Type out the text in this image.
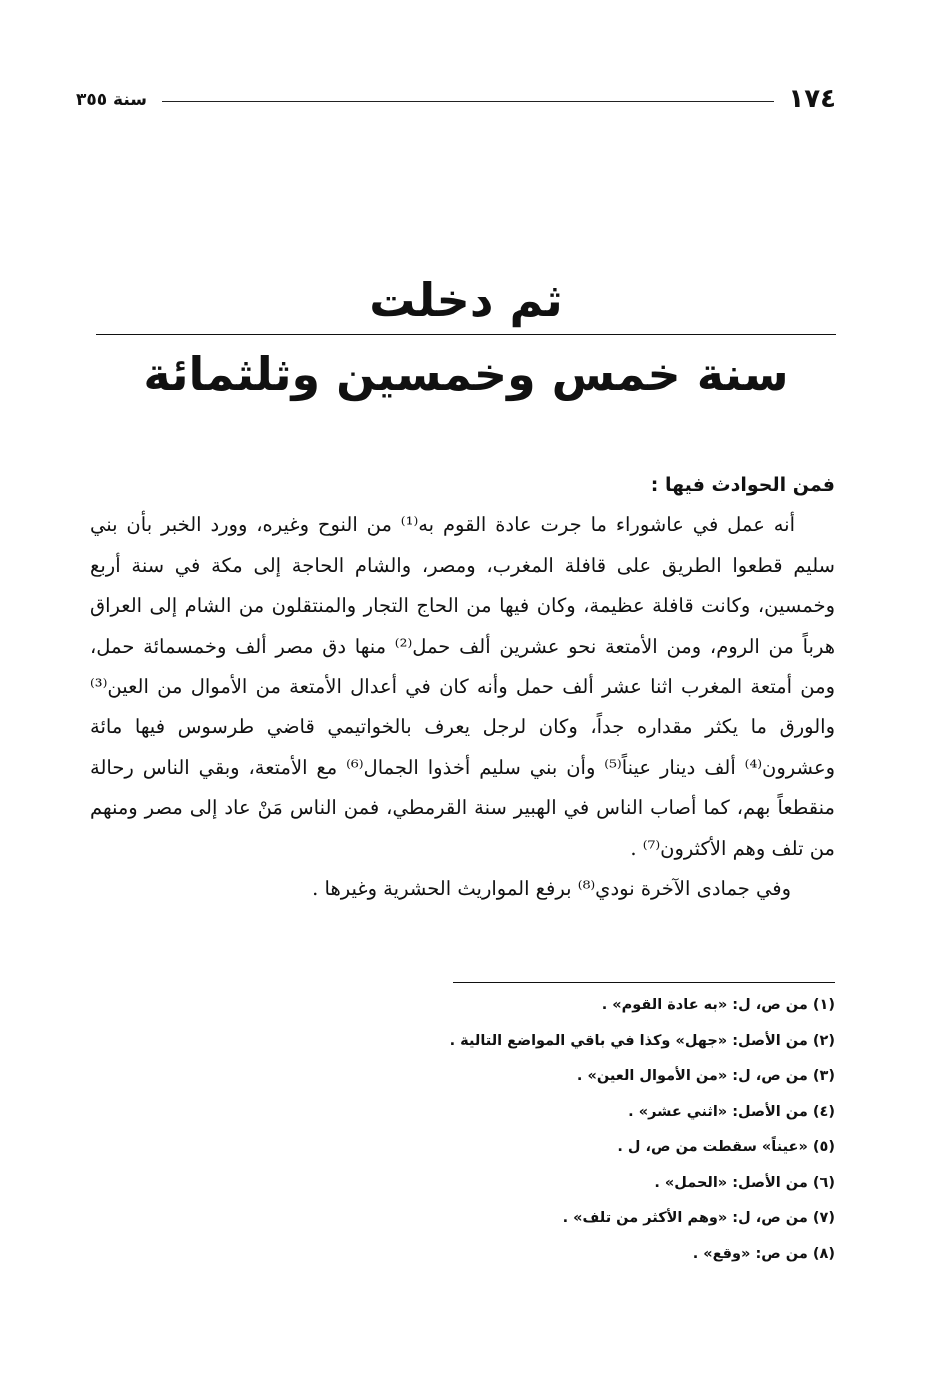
١٧٤
سنة ٣٥٥
ثم دخلت
سنة خمس وخمسين وثلثمائة

فمن الحوادث فيها :

أنه عمل في عاشوراء ما جرت عادة القوم به⁽¹⁾ من النوح وغيره، وورد الخبر بأن بني سليم قطعوا الطريق على قافلة المغرب، ومصر، والشام الحاجة إلى مكة في سنة أربع وخمسين، وكانت قافلة عظيمة، وكان فيها من الحاج التجار والمنتقلون من الشام إلى العراق هرباً من الروم، ومن الأمتعة نحو عشرين ألف حمل⁽²⁾ منها دق مصر ألف وخمسمائة حمل، ومن أمتعة المغرب اثنا عشر ألف حمل وأنه كان في أعدال الأمتعة من الأموال من العين⁽³⁾ والورق ما يكثر مقداره جداً، وكان لرجل يعرف بالخواتيمي قاضي طرسوس فيها مائة وعشرون⁽⁴⁾ ألف دينار عيناً⁽⁵⁾ وأن بني سليم أخذوا الجمال⁽⁶⁾ مع الأمتعة، وبقي الناس رحالة منقطعاً بهم، كما أصاب الناس في الهبير سنة القرمطي، فمن الناس مَنْ عاد إلى مصر ومنهم من تلف وهم الأكثرون⁽⁷⁾ .

وفي جمادى الآخرة نودي⁽⁸⁾ برفع المواريث الحشرية وغيرها .

(١) من ص، ل: «به عادة القوم» .
(٢) من الأصل: «جهل» وكذا في باقي المواضع التالية .
(٣) من ص، ل: «من الأموال العين» .
(٤) من الأصل: «اثني عشر» .
(٥) «عيناً» سقطت من ص، ل .
(٦) من الأصل: «الحمل» .
(٧) من ص، ل: «وهم الأكثر من تلف» .
(٨) من ص: «وقع» .
